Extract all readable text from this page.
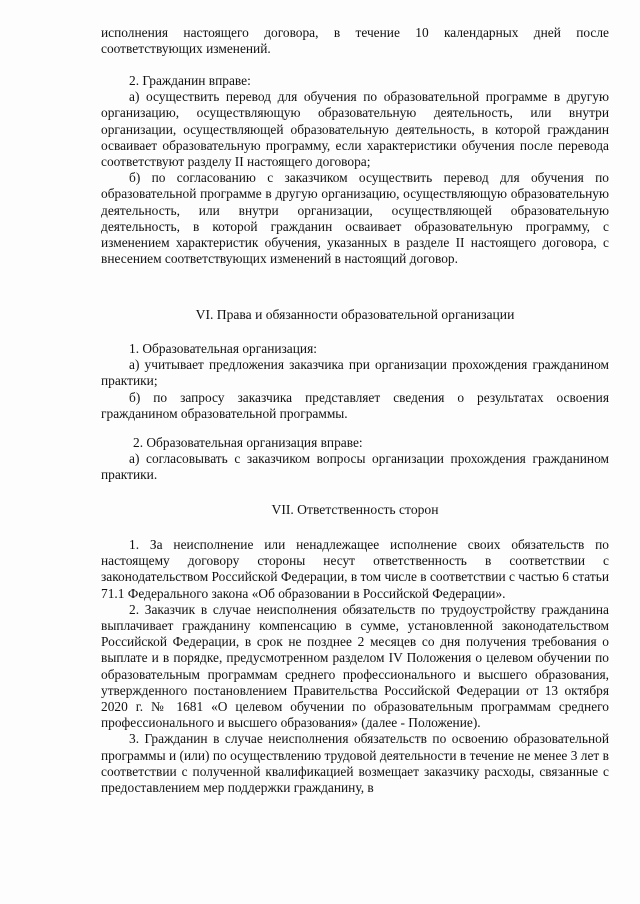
исполнения настоящего договора, в течение 10 календарных дней после

соответствующих изменений.

2. Гражданин вправе:

а) осуществить перевод для обучения по образовательной программе в другую организацию, осуществляющую образовательную деятельность, или внутри организации, осуществляющей образовательную деятельность, в которой гражданин осваивает образовательную программу, если характеристики обучения после перевода соответствуют разделу II настоящего договора;

б) по согласованию с заказчиком осуществить перевод для обучения по образовательной программе в другую организацию, осуществляющую образовательную деятельность, или внутри организации, осуществляющей образовательную деятельность, в которой гражданин осваивает образовательную программу, с изменением характеристик обучения, указанных в разделе II настоящего договора, с внесением соответствующих изменений в настоящий договор.

VI. Права и обязанности образовательной организации

1. Образовательная организация:

а) учитывает предложения заказчика при организации прохождения гражданином практики;

б) по запросу заказчика представляет сведения о результатах освоения гражданином образовательной программы.

2. Образовательная организация вправе:

а) согласовывать с заказчиком вопросы организации прохождения гражданином практики.

VII. Ответственность сторон

1. За неисполнение или ненадлежащее исполнение своих обязательств по настоящему договору стороны несут ответственность в соответствии с законодательством Российской Федерации, в том числе в соответствии с частью 6 статьи 71.1 Федерального закона «Об образовании в Российской Федерации».

2. Заказчик в случае неисполнения обязательств по трудоустройству гражданина выплачивает гражданину компенсацию в сумме, установленной законодательством Российской Федерации, в срок не позднее 2 месяцев со дня получения требования о выплате и в порядке, предусмотренном разделом IV Положения о целевом обучении по образовательным программам среднего профессионального и высшего образования, утвержденного постановлением Правительства Российской Федерации от 13 октября 2020 г. № 1681 «О целевом обучении по образовательным программам среднего профессионального и высшего образования» (далее - Положение).

3. Гражданин в случае неисполнения обязательств по освоению образовательной программы и (или) по осуществлению трудовой деятельности в течение не менее 3 лет в соответствии с полученной квалификацией возмещает заказчику расходы, связанные с предоставлением мер поддержки гражданину, в
